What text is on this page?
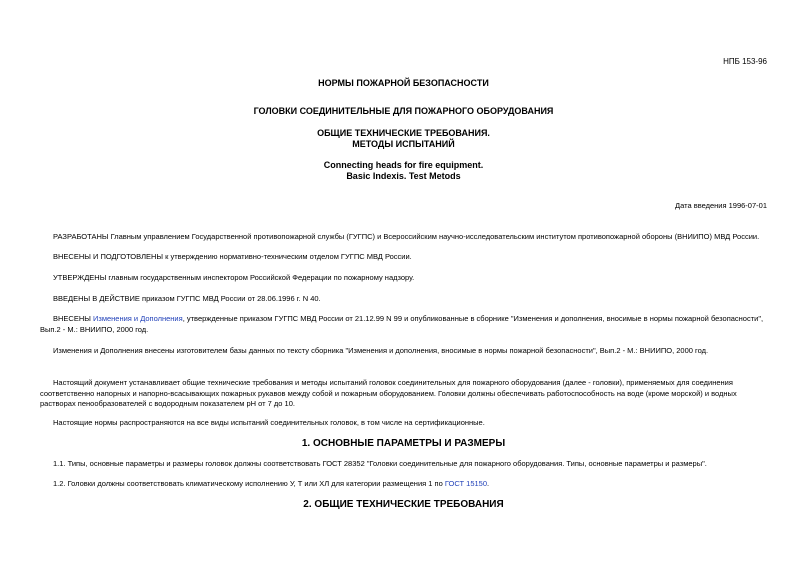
НПБ 153-96
НОРМЫ ПОЖАРНОЙ БЕЗОПАСНОСТИ
ГОЛОВКИ СОЕДИНИТЕЛЬНЫЕ ДЛЯ ПОЖАРНОГО ОБОРУДОВАНИЯ
ОБЩИЕ ТЕХНИЧЕСКИЕ ТРЕБОВАНИЯ.
МЕТОДЫ ИСПЫТАНИЙ
Connecting heads for fire equipment.
Basic Indexis. Test Metods
Дата введения 1996-07-01
РАЗРАБОТАНЫ Главным управлением Государственной противопожарной службы (ГУГПС) и Всероссийским научно-исследовательским институтом противопожарной обороны (ВНИИПО) МВД России.
ВНЕСЕНЫ И ПОДГОТОВЛЕНЫ к утверждению нормативно-техническим отделом ГУГПС МВД России.
УТВЕРЖДЕНЫ главным государственным инспектором Российской Федерации по пожарному надзору.
ВВЕДЕНЫ В ДЕЙСТВИЕ приказом ГУГПС МВД России от 28.06.1996 г. N 40.
ВНЕСЕНЫ Изменения и Дополнения, утвержденные приказом ГУГПС МВД России от 21.12.99 N 99 и опубликованные в сборнике "Изменения и дополнения, вносимые в нормы пожарной безопасности", Вып.2 - М.: ВНИИПО, 2000 год.
Изменения и Дополнения внесены изготовителем базы данных по тексту сборника "Изменения и дополнения, вносимые в нормы пожарной безопасности", Вып.2 - М.: ВНИИПО, 2000 год.
Настоящий документ устанавливает общие технические требования и методы испытаний головок соединительных для пожарного оборудования (далее - головки), применяемых для соединения соответственно напорных и напорно-всасывающих пожарных рукавов между собой и пожарным оборудованием. Головки должны обеспечивать работоспособность на воде (кроме морской) и водных растворах пенообразователей с водородным показателем pH от 7 до 10.
Настоящие нормы распространяются на все виды испытаний соединительных головок, в том числе на сертификационные.
1. ОСНОВНЫЕ ПАРАМЕТРЫ И РАЗМЕРЫ
1.1. Типы, основные параметры и размеры головок должны соответствовать ГОСТ 28352 "Головки соединительные для пожарного оборудования. Типы, основные параметры и размеры".
1.2. Головки должны соответствовать климатическому исполнению У, Т или ХЛ для категории размещения 1 по ГОСТ 15150.
2. ОБЩИЕ ТЕХНИЧЕСКИЕ ТРЕБОВАНИЯ
